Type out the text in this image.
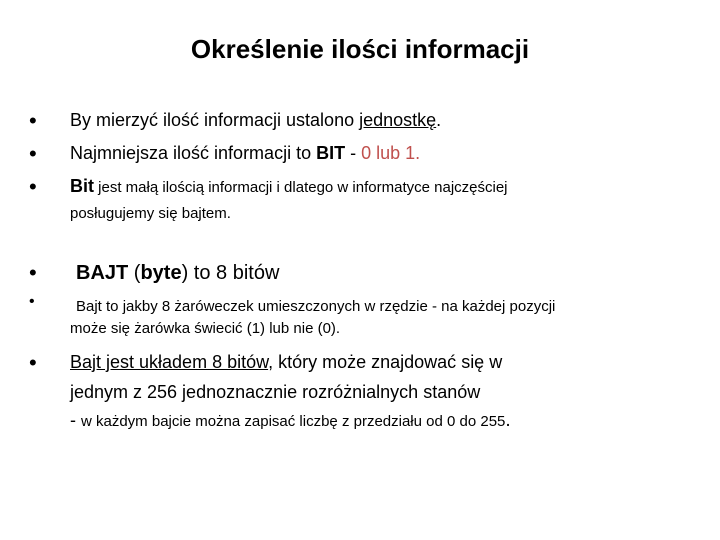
Określenie ilości informacji
• By mierzyć ilość informacji ustalono jednostkę.
• Najmniejsza ilość informacji to BIT - 0 lub 1.
• Bit jest małą ilością informacji i dlatego w informatyce najczęściej
posługujemy się bajtem.
• BAJT (byte) to 8 bitów
•	Bajt to jakby 8 żaróweczek umieszczonych w rzędzie - na każdej pozycji
może się żarówka świecić (1) lub nie (0).
• Bajt jest układem 8 bitów, który może znajdować się w
jednym z 256 jednoznacznie rozróżnialnych stanów
- w każdym bajcie można zapisać liczbę z przedziału od 0 do 255.
